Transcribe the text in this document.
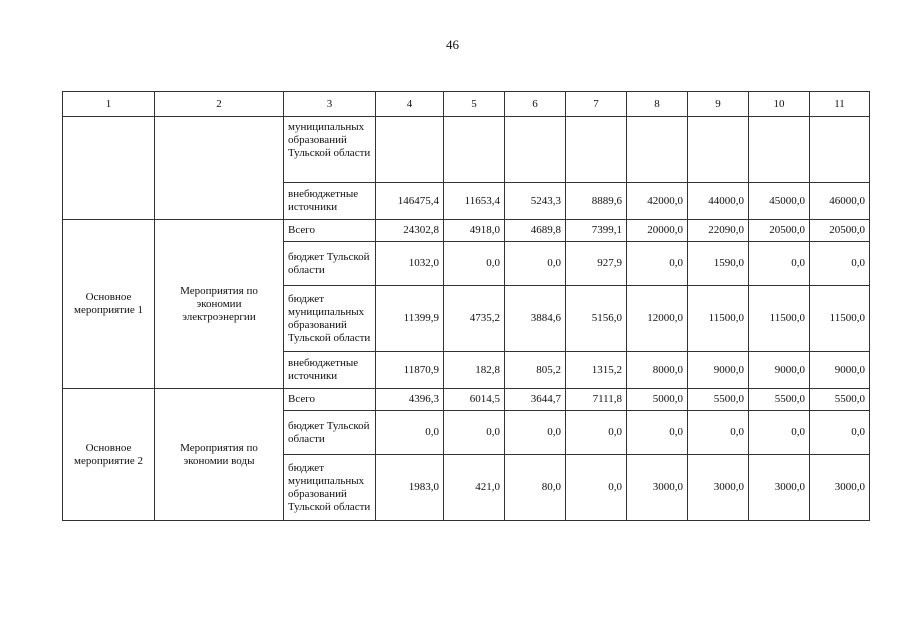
46
1	2	3	4	5	6	7	8	9	10	11
		муниципальных образований Тульской области								
		внебюджетные источники	146475,4	11653,4	5243,3	8889,6	42000,0	44000,0	45000,0	46000,0
Основное мероприятие 1	Мероприятия по экономии электроэнергии	Всего	24302,8	4918,0	4689,8	7399,1	20000,0	22090,0	20500,0	20500,0
		бюджет Тульской области	1032,0	0,0	0,0	927,9	0,0	1590,0	0,0	0,0
		бюджет муниципальных образований Тульской области	11399,9	4735,2	3884,6	5156,0	12000,0	11500,0	11500,0	11500,0
		внебюджетные источники	11870,9	182,8	805,2	1315,2	8000,0	9000,0	9000,0	9000,0
Основное мероприятие 2	Мероприятия по экономии воды	Всего	4396,3	6014,5	3644,7	7111,8	5000,0	5500,0	5500,0	5500,0
		бюджет Тульской области	0,0	0,0	0,0	0,0	0,0	0,0	0,0	0,0
		бюджет муниципальных образований Тульской области	1983,0	421,0	80,0	0,0	3000,0	3000,0	3000,0	3000,0
